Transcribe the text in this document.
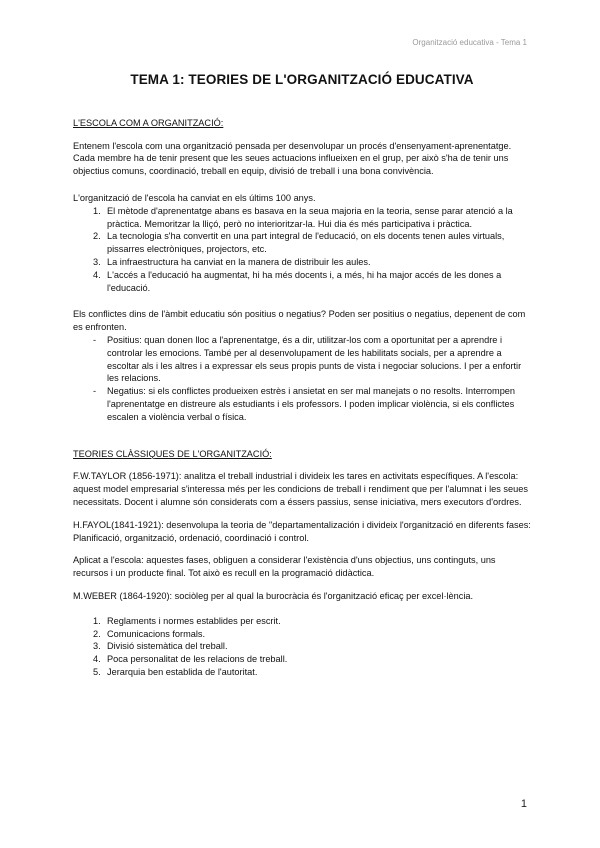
Organització educativa - Tema 1
TEMA 1: TEORIES DE L'ORGANITZACIÓ EDUCATIVA
L'ESCOLA COM A ORGANITZACIÓ:

Entenem l'escola com una organització pensada per desenvolupar un procés d'ensenyament-aprenentatge. Cada membre ha de tenir present que les seues actuacions influeixen en el grup, per això s'ha de tenir uns objectius comuns, coordinació, treball en equip, divisió de treball i una bona convivència.

L'organització de l'escola ha canviat en els últims 100 anys.

1. El mètode d'aprenentatge abans es basava en la seua majoria en la teoria, sense parar atenció a la pràctica. Memoritzar la lliçó, però no interioritzar-la. Hui dia és més participativa i pràctica.
2. La tecnologia s'ha convertit en una part integral de l'educació, on els docents tenen aules virtuals, pissarres electròniques, projectors, etc.
3. La infraestructura ha canviat en la manera de distribuir les aules.
4. L'accés a l'educació ha augmentat, hi ha més docents i, a més, hi ha major accés de les dones a l'educació.

Els conflictes dins de l'àmbit educatiu són positius o negatius? Poden ser positius o negatius, depenent de com es enfronten.

- Positius: quan donen lloc a l'aprenentatge, és a dir, utilitzar-los com a oportunitat per a aprendre i controlar les emocions. També per al desenvolupament de les habilitats socials, per a aprendre a escoltar als i les altres i a expressar els seus propis punts de vista i negociar solucions. I per a enfortir les relacions.
- Negatius: si els conflictes produeixen estrès i ansietat en ser mal manejats o no resolts. Interrompen l'aprenentatge en distreure als estudiants i els professors. I poden implicar violència, si els conflictes escalen a violència verbal o física.
TEORIES CLÀSSIQUES DE L'ORGANITZACIÓ:

F.W.TAYLOR (1856-1971): analitza el treball industrial i divideix les tares en activitats específiques. A l'escola: aquest model empresarial s'interessa més per les condicions de treball i rendiment que per l'alumnat i les seues necessitats. Docent i alumne són considerats com a éssers passius, sense iniciativa, mers executors d'ordres.

H.FAYOL(1841-1921): desenvolupa la teoria de "departamentalización i divideix l'organització en diferents fases: Planificació, organització, ordenació, coordinació i control.

Aplicat a l'escola: aquestes fases, obliguen a considerar l'existència d'uns objectius, uns continguts, uns recursos i un producte final. Tot això es recull en la programació didàctica.

M.WEBER (1864-1920): sociòleg per al qual la burocràcia és l'organització eficaç per excel·lència.

1. Reglaments i normes establides per escrit.
2. Comunicacions formals.
3. Divisió sistemàtica del treball.
4. Poca personalitat de les relacions de treball.
5. Jerarquia ben establida de l'autoritat.
1
